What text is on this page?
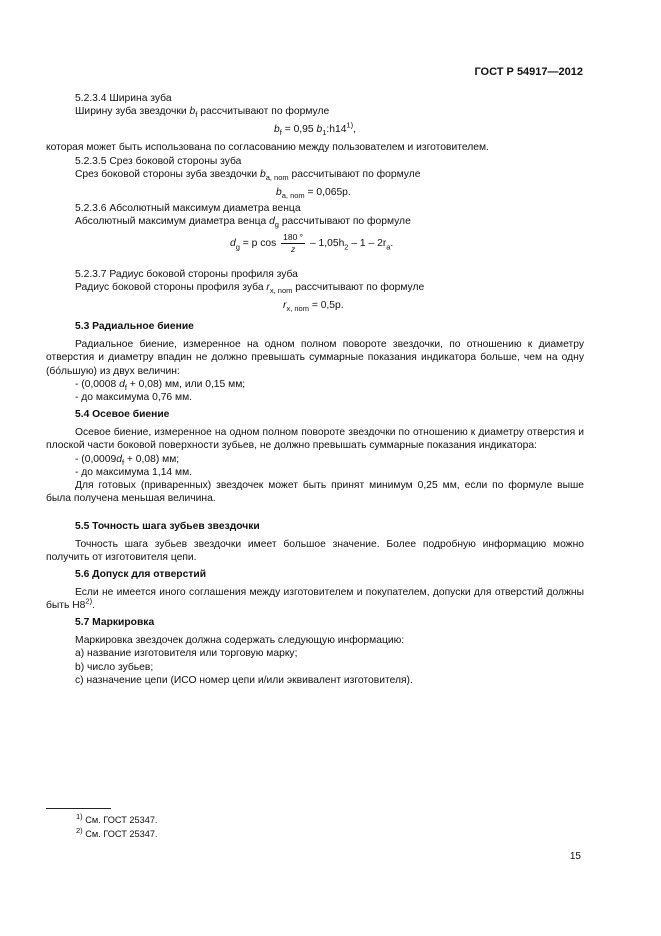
ГОСТ Р 54917—2012

5.2.3.4 Ширина зуба

Ширину зуба звездочки $b_f$ рассчитывают по формуле

$b_f = 0,95$ $b_1:h14^{1)}$,

которая может быть использована по согласованию между пользователем и изготовителем.

5.2.3.5 Срез боковой стороны зуба

Срез боковой стороны зуба звездочки $b_{a, nom}$ рассчитывают по формуле

$b_{a, nom} = 0,065p$.

5.2.3.6 Абсолютный максимум диаметра венца

Абсолютный максимум диаметра венца $d_g$ рассчитывают по формуле

$d_g = p$ $\cos \frac{180 ^\circ}{z} - 1,05h_2 - 1 - 2r_a$.

5.2.3.7 Радиус боковой стороны профиля зуба

Радиус боковой стороны профиля зуба $r_{x, nom}$ рассчитывают по формуле

$r_{x, nom} = 0,5p$.

5.3 Радиальное биение

Радиальное биение, измеренное на одном полном повороте звездочки, по отношению к диаметру отверстия и диаметру впадин не должно превышать суммарные показания индикатора больше, чем на одну (бóльшую) из двух величин:

- (0,0008 $d_f + 0,08$) мм, или 0,15 мм;

- до максимума 0,76 мм.

5.4 Осевое биение

Осевое биение, измеренное на одном полном повороте звездочки по отношению к диаметру отверстия и плоской части боковой поверхности зубьев, не должно превышать суммарные показания индикатора:

- $(0,0009d_f + 0,08)$ мм;

- до максимума 1,14 мм.

Для готовых (приваренных) звездочек может быть принят минимум 0,25 мм, если по формуле выше была получена меньшая величина.

5.5 Точность шага зубьев звездочки

Точность шага зубьев звездочки имеет большое значение. Более подробную информацию можно получить от изготовителя цепи.

5.6 Допуск для отверстий

Если не имеется иного соглашения между изготовителем и покупателем, допуски для отверстий должны быть Н8$^{2)}$.

5.7 Маркировка

Маркировка звездочек должна содержать следующую информацию:

a) название изготовителя или торговую марку;

b) число зубьев;

c) назначение цепи (ИСО номер цепи и/или эквивалент изготовителя).

$^{1)}$ См. ГОСТ 25347.
$^{2)}$ См. ГОСТ 25347.
15
